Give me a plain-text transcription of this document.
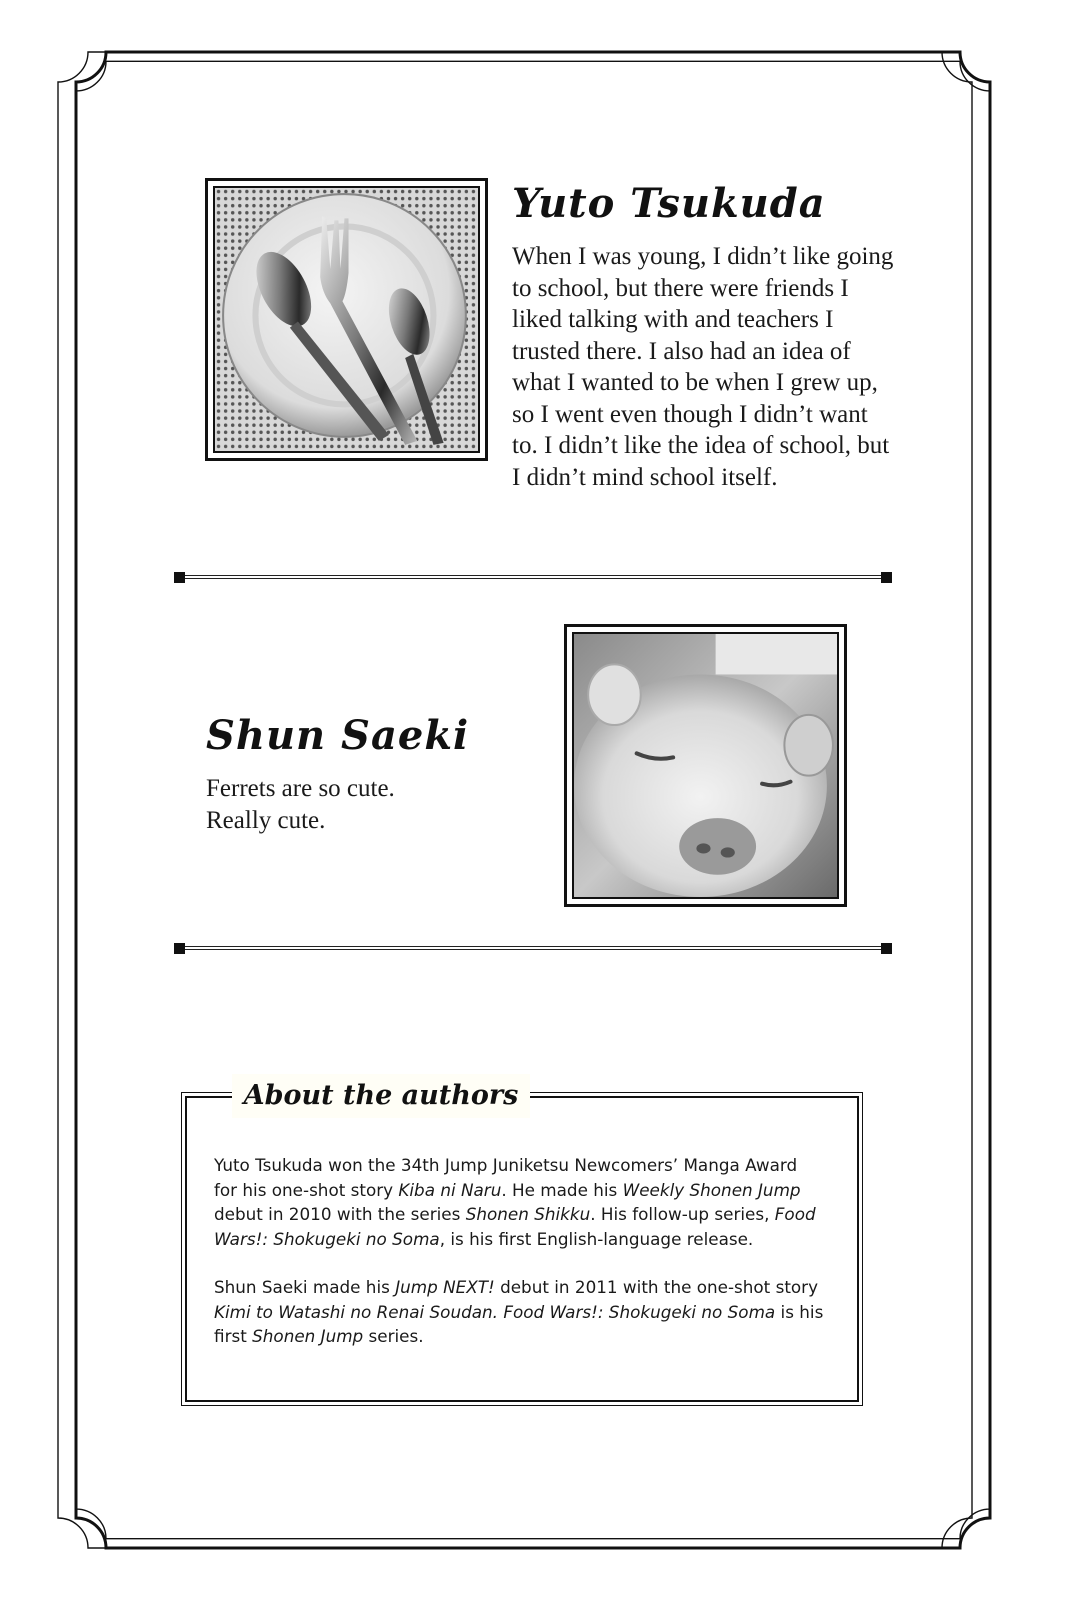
Yuto Tsukuda
When I was young, I didn’t like going to school, but there were friends I liked talking with and teachers I trusted there. I also had an idea of what I wanted to be when I grew up, so I went even though I didn’t want to. I didn’t like the idea of school, but I didn’t mind school itself.
Shun Saeki
Ferrets are so cute. Really cute.
About the authors

Yuto Tsukuda won the 34th Jump Juniketsu Newcomers’ Manga Award for his one-shot story Kiba ni Naru. He made his Weekly Shonen Jump debut in 2010 with the series Shonen Shikku. His follow-up series, Food Wars!: Shokugeki no Soma, is his first English-language release.

Shun Saeki made his Jump NEXT! debut in 2011 with the one-shot story Kimi to Watashi no Renai Soudan. Food Wars!: Shokugeki no Soma is his first Shonen Jump series.
